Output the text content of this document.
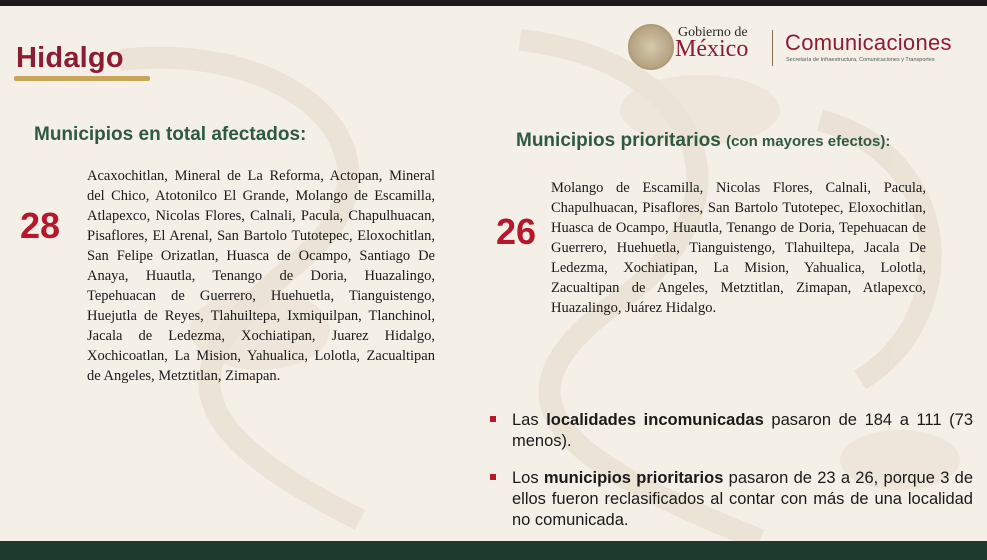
Hidalgo
Gobierno de
México Comunicaciones
Secretaría de Infraestructura, Comunicaciones y Transportes
Municipios en total afectados:	Municipios prioritarios (con mayores efectos):
28
Acaxochitlan, Mineral de La Reforma, Actopan, Mineral del Chico, Atotonilco El Grande, Molango de Escamilla, Atlapexco, Nicolas Flores, Calnali, Pacula, Chapulhuacan, Pisaflores, El Arenal, San Bartolo Tutotepec, Eloxochitlan, San Felipe Orizatlan, Huasca de Ocampo, Santiago De Anaya, Huautla, Tenango de Doria, Huazalingo, Tepehuacan de Guerrero, Huehuetla, Tianguistengo, Huejutla de Reyes, Tlahuiltepa, Ixmiquilpan, Tlanchinol, Jacala de Ledezma, Xochiatipan, Juarez Hidalgo, Xochicoatlan, La Mision, Yahualica, Lolotla, Zacualtipan de Angeles, Metztitlan, Zimapan.
26
Molango de Escamilla, Nicolas Flores, Calnali, Pacula, Chapulhuacan, Pisaflores, San Bartolo Tutotepec, Eloxochitlan, Huasca de Ocampo, Huautla, Tenango de Doria, Tepehuacan de Guerrero, Huehuetla, Tianguistengo, Tlahuiltepa, Jacala De Ledezma, Xochiatipan, La Mision, Yahualica, Lolotla, Zacualtipan de Angeles, Metztitlan, Zimapan, Atlapexco, Huazalingo, Juárez Hidalgo.
Las localidades incomunicadas pasaron de 184 a 111 (73 menos).
Los municipios prioritarios pasaron de 23 a 26, porque 3 de ellos fueron reclasificados al contar con más de una localidad no comunicada.
